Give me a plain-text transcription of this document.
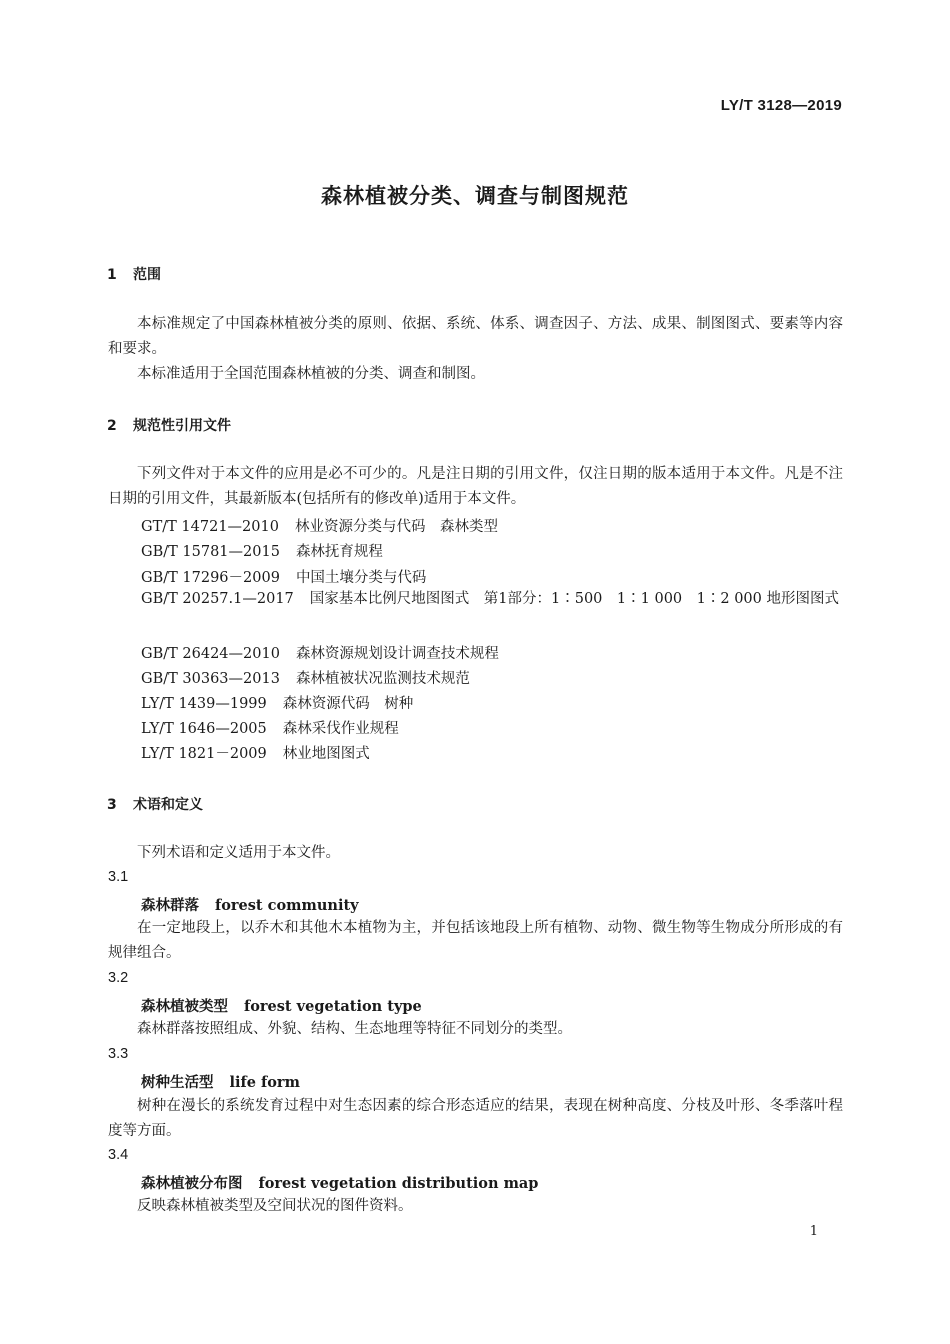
LY/T 3128—2019
森林植被分类、调查与制图规范
1 范围

本标准规定了中国森林植被分类的原则、依据、系统、体系、调查因子、方法、成果、制图图式、要素等内容和要求。

本标准适用于全国范围森林植被的分类、调查和制图。

2 规范性引用文件

下列文件对于本文件的应用是必不可少的。凡是注日期的引用文件，仅注日期的版本适用于本文件。凡是不注日期的引用文件，其最新版本(包括所有的修改单)适用于本文件。

GT/T 14721—2010 林业资源分类与代码　森林类型
GB/T 15781—2015 森林抚育规程
GB/T 17296－2009 中国土壤分类与代码

GB/T 20257.1—2017 国家基本比例尺地图图式　第1部分：1∶500　1∶1 000　1∶2 000 地形图图式

GB/T 26424—2010 森林资源规划设计调查技术规程
GB/T 30363—2013 森林植被状况监测技术规范
LY/T 1439—1999 森林资源代码　树种
LY/T 1646—2005 森林采伐作业规程
LY/T 1821－2009 林业地图图式
3 术语和定义

下列术语和定义适用于本文件。

3.1
森林群落 forest community

在一定地段上，以乔木和其他木本植物为主，并包括该地段上所有植物、动物、微生物等生物成分所形成的有规律组合。

3.2
森林植被类型 forest vegetation type

森林群落按照组成、外貌、结构、生态地理等特征不同划分的类型。

3.3
树种生活型 life form

树种在漫长的系统发育过程中对生态因素的综合形态适应的结果，表现在树种高度、分枝及叶形、冬季落叶程度等方面。

3.4
森林植被分布图 forest vegetation distribution map

反映森林植被类型及空间状况的图件资料。

1
